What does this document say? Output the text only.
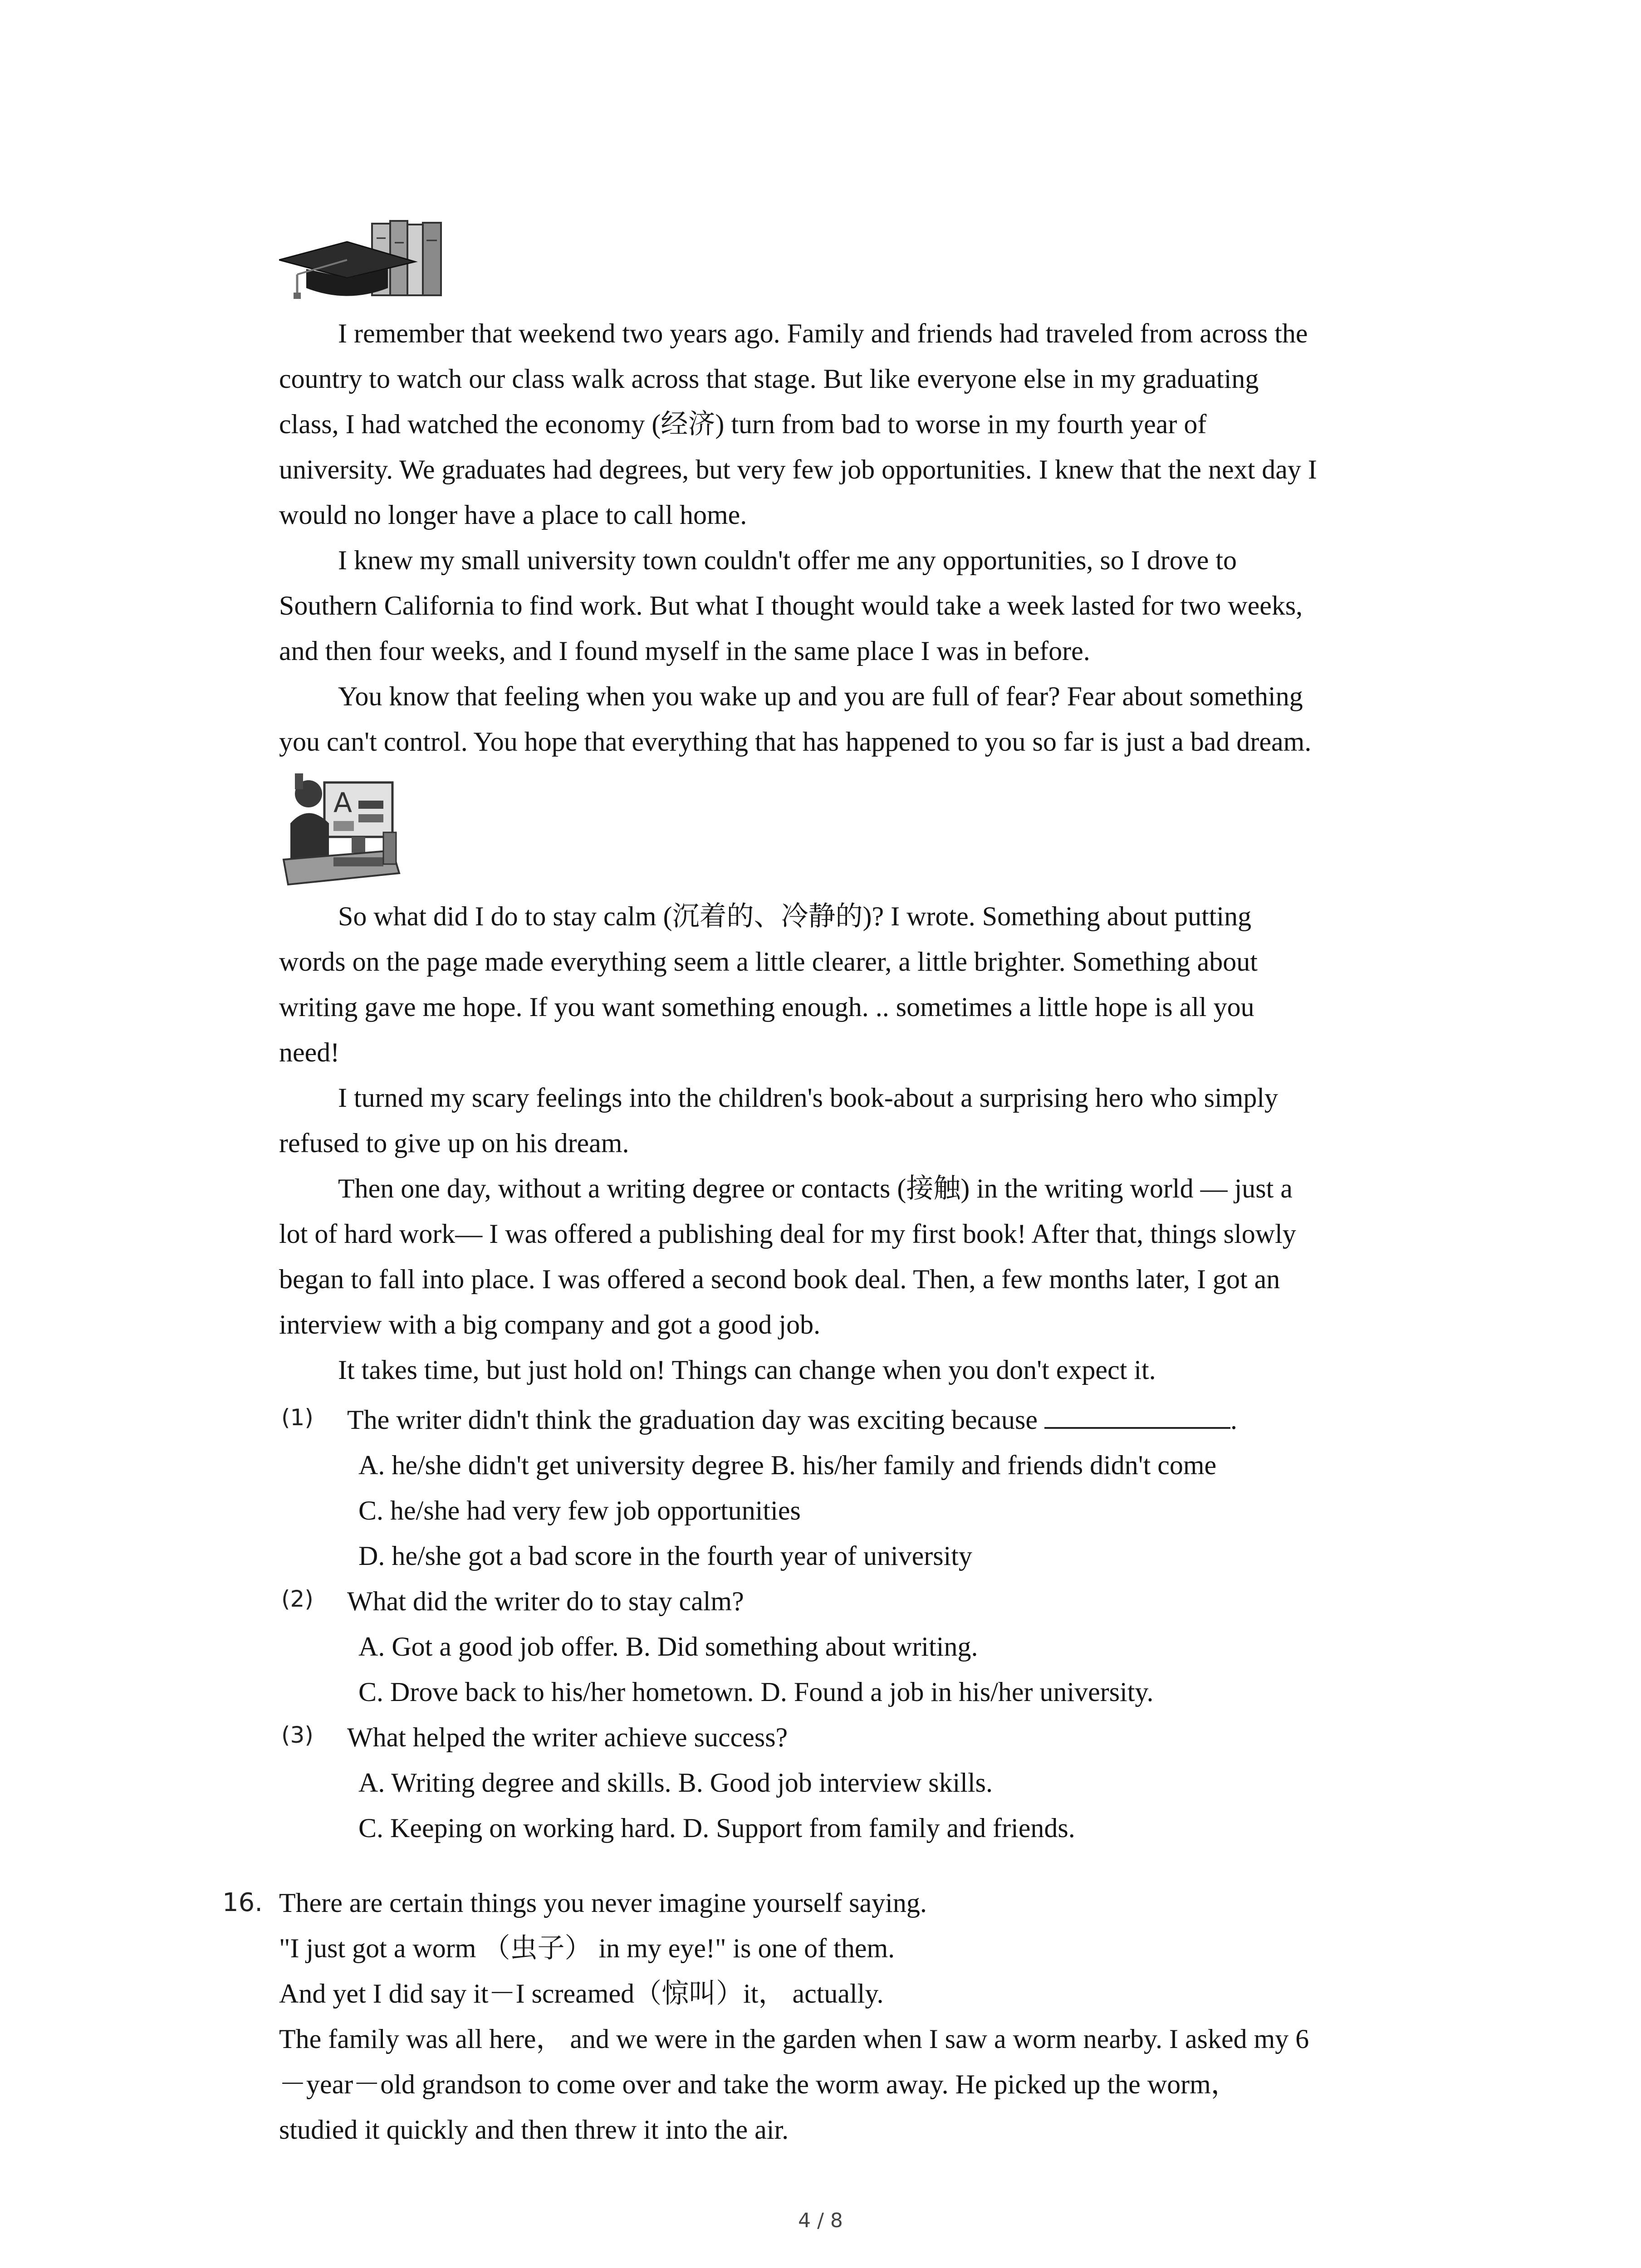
I remember that weekend two years ago. Family and friends had traveled from across the
country to watch our class walk across that stage. But like everyone else in my graduating
class, I had watched the economy (经济) turn from bad to worse in my fourth year of
university. We graduates had degrees, but very few job opportunities. I knew that the next day I
would no longer have a place to call home.
I knew my small university town couldn't offer me any opportunities, so I drove to
Southern California to find work. But what I thought would take a week lasted for two weeks,
and then four weeks, and I found myself in the same place I was in before.
You know that feeling when you wake up and you are full of fear? Fear about something
you can't control. You hope that everything that has happened to you so far is just a bad dream.
A
So what did I do to stay calm (沉着的、冷静的)? I wrote. Something about putting
words on the page made everything seem a little clearer, a little brighter. Something about
writing gave me hope. If you want something enough. .. sometimes a little hope is all you
need!
I turned my scary feelings into the children's book-about a surprising hero who simply
refused to give up on his dream.
Then one day, without a writing degree or contacts (接触) in the writing world — just a
lot of hard work— I was offered a publishing deal for my first book! After that, things slowly
began to fall into place. I was offered a second book deal. Then, a few months later, I got an
interview with a big company and got a good job.
It takes time, but just hold on! Things can change when you don't expect it.
(1) The writer didn't think the graduation day was exciting because	.
A. he/she didn't get university degree B. his/her family and friends didn't come
C. he/she had very few job opportunities
D. he/she got a bad score in the fourth year of university
(2) What did the writer do to stay calm?
A. Got a good job offer. B. Did something about writing.
C. Drove back to his/her hometown. D. Found a job in his/her university.
(3) What helped the writer achieve success?
A. Writing degree and skills. B. Good job interview skills.
C. Keeping on working hard. D. Support from family and friends.
16. There are certain things you never imagine yourself saying.
"I just got a worm （虫子） in my eye!" is one of them.
And yet I did say it－I screamed（惊叫）it， actually.
The family was all here， and we were in the garden when I saw a worm nearby. I asked my 6
－year－old grandson to come over and take the worm away. He picked up the worm，
studied it quickly and then threw it into the air.
4 / 8
